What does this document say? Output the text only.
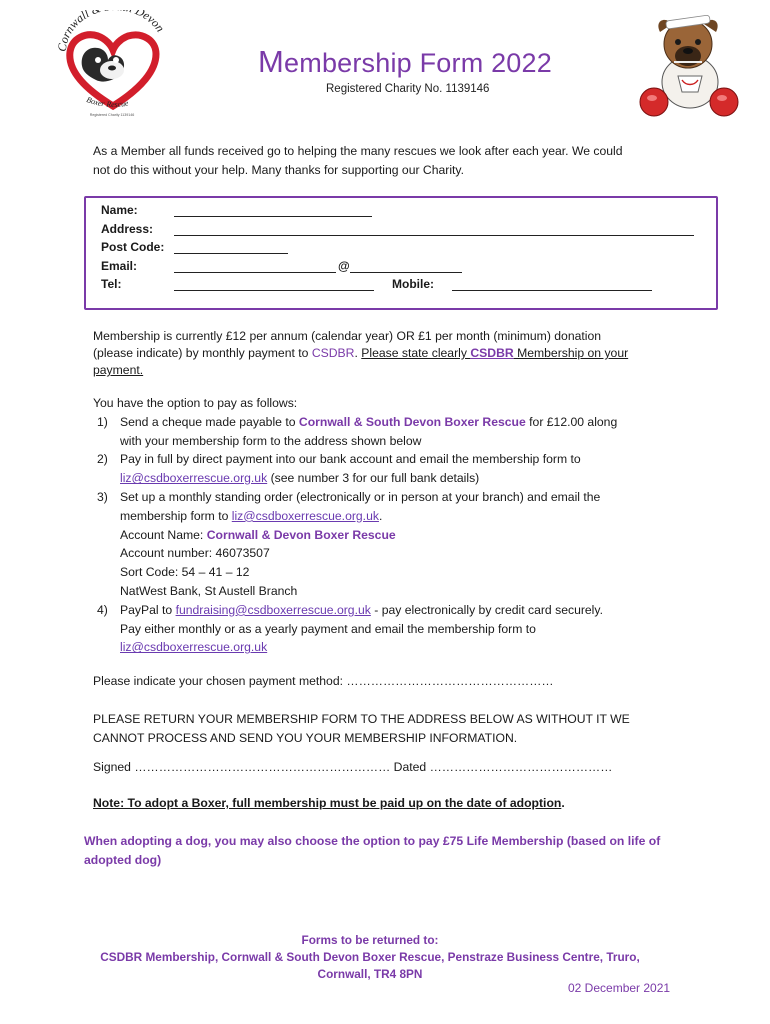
Cornwall Devon
Boxer Rescue
Registered Charity 1139146
Membership Form 2022
Registered Charity No. 1139146
As a Member all funds received go to helping the many rescues we look after each year. We could
not do this without your help. Many thanks for supporting our Charity.
Name:
Address:
Post Code:
Email:	@
Tel:	Mobile:
Membership is currently £12 per annum (calendar year) OR £1 per month (minimum) donation
(please indicate) by monthly payment to CSDBR. Please state clearly CSDBR Membership on your
payment.
You have the option to pay as follows:
1) Send a cheque made payable to Cornwall & South Devon Boxer Rescue for £12.00 along
with your membership form to the address shown below
2) Pay in full by direct payment into our bank account and email the membership form to
liz@csdboxerrescue.org.uk (see number 3 for our full bank details)
3) Set up a monthly standing order (electronically or in person at your branch) and email the
membership form to liz@csdboxerrescue.org.uk.
Account Name: Cornwall & Devon Boxer Rescue
Account number: 46073507
Sort Code: 54 – 41 – 12
NatWest Bank, St Austell Branch
4) PayPal to fundraising@csdboxerrescue.org.uk - pay electronically by credit card securely.
Pay either monthly or as a yearly payment and email the membership form to
liz@csdboxerrescue.org.uk
Please indicate your chosen payment method: ……………………………………………
PLEASE RETURN YOUR MEMBERSHIP FORM TO THE ADDRESS BELOW AS WITHOUT IT WE
CANNOT PROCESS AND SEND YOU YOUR MEMBERSHIP INFORMATION.
Signed ……………………………………………………… Dated ………………………………………
Note: To adopt a Boxer, full membership must be paid up on the date of adoption.
When adopting a dog, you may also choose the option to pay £75 Life Membership (based on life of
adopted dog)
Forms to be returned to:
CSDBR Membership, Cornwall & South Devon Boxer Rescue, Penstraze Business Centre, Truro,
Cornwall, TR4 8PN
02 December 2021
